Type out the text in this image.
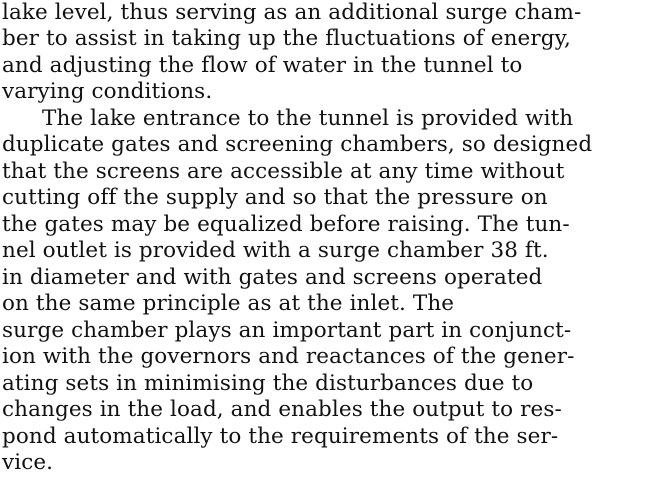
lake level, thus serving as an additional surge cham-
ber to assist in taking up the fluctuations of energy,
and adjusting the flow of water in the tunnel to
varying conditions.
The lake entrance to the tunnel is provided with
duplicate gates and screening chambers, so designed
that the screens are accessible at any time without
cutting off the supply and so that the pressure on
the gates may be equalized before raising. The tun-
nel outlet is provided with a surge chamber 38 ft.
in diameter and with gates and screens operated
on the same principle as at the inlet. The
surge chamber plays an important part in conjunct-
ion with the governors and reactances of the gener-
ating sets in minimising the disturbances due to
changes in the load, and enables the output to res-
pond automatically to the requirements of the ser-
vice.
